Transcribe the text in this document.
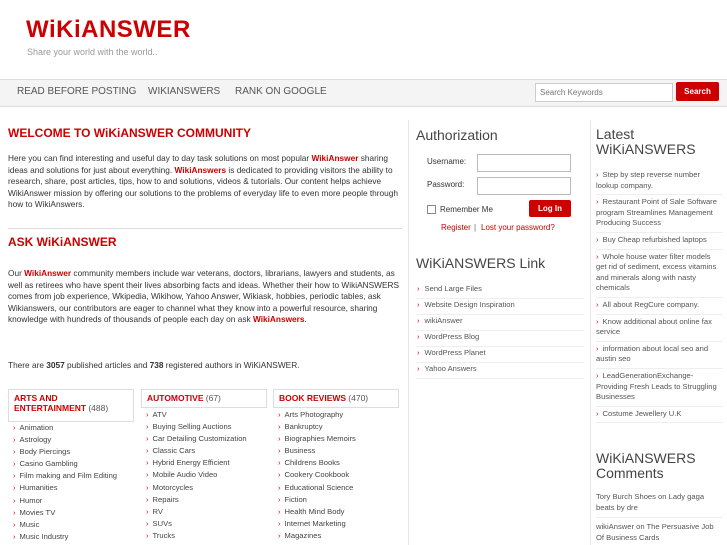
WiKiANSWER
Share your world with the world..
READ BEFORE POSTING WIKIANSWERS RANK ON GOOGLE
Search Keywords	Search
WELCOME TO WiKiANSWER COMMUNITY
Here you can find interesting and useful day to day task solutions on most popular WikiAnswer sharing ideas and solutions for just about everything. WikiAnswers is dedicated to providing visitors the ability to research, share, post articles, tips, how to and solutions, videos & tutorials. Our content helps achieve WikiAnswer mission by offering our solutions to the problems of everyday life to even more people through how to WikiAnswers.
ASK WiKiANSWER
Our WikiAnswer community members include war veterans, doctors, librarians, lawyers and students, as well as retirees who have spent their lives absorbing facts and ideas. Whether their how to WikiANSWERS comes from job experience, Wkipedia, Wikihow, Yahoo Answer, Wikiask, hobbies, periodic tables, ask Wikianswers, our contributors are eager to channel what they know into a powerful resource, sharing knowledge with hundreds of thousands of people each day on ask WikiAnswers.
There are 3057 published articles and 738 registered authors in WiKiANSWER.
ARTS AND ENTERTAINMENT (488)
AUTOMOTIVE (67)	BOOK REVIEWS (470)
› Animation
› Astrology
› Body Piercings
› Casino Gambling
› Film making and Film Editing
› Humanities
› Humor
› Movies TV
› Music
› Music Industry
› ATV
› Buying Selling Auctions
› Car Detailing Customization
› Classic Cars
› Hybrid Energy Efficient
› Mobile Audio Video
› Motorcycles
› Repairs
› RV
› SUVs
› Trucks
› Arts Photography
› Bankruptcy
› Biographies Memoirs
› Business
› Childrens Books
› Cookery Cookbook
› Educational Science
› Fiction
› Health Mind Body
› Internet Marketing
› Magazines
Authorization
Username:
Password:
Remember Me	Log In
Register | Lost your password?
WiKiANSWERS Link
› Send Large Files
› Website Design Inspiration
› wikiAnswer
› WordPress Blog
› WordPress Planet
› Yahoo Answers
Latest
WiKiANSWERS
› Step by step reverse number lookup company.
› Restaurant Point of Sale Software program Streamlines Management Producing Success
› Buy Cheap refurbished laptops
› Whole house water filter models get rid of sediment, excess vitamins and minerals along with nasty chemicals
› All about RegCure company.
› Know additional about online fax service
› information about local seo and austin seo
› LeadGenerationExchange- Providing Fresh Leads to Struggling Businesses
› Costume Jewellery U.K
WiKiANSWERS
Comments
Tory Burch Shoes on Lady gaga beats by dre
wikiAnswer on The Persuasive Job Of Business Cards
